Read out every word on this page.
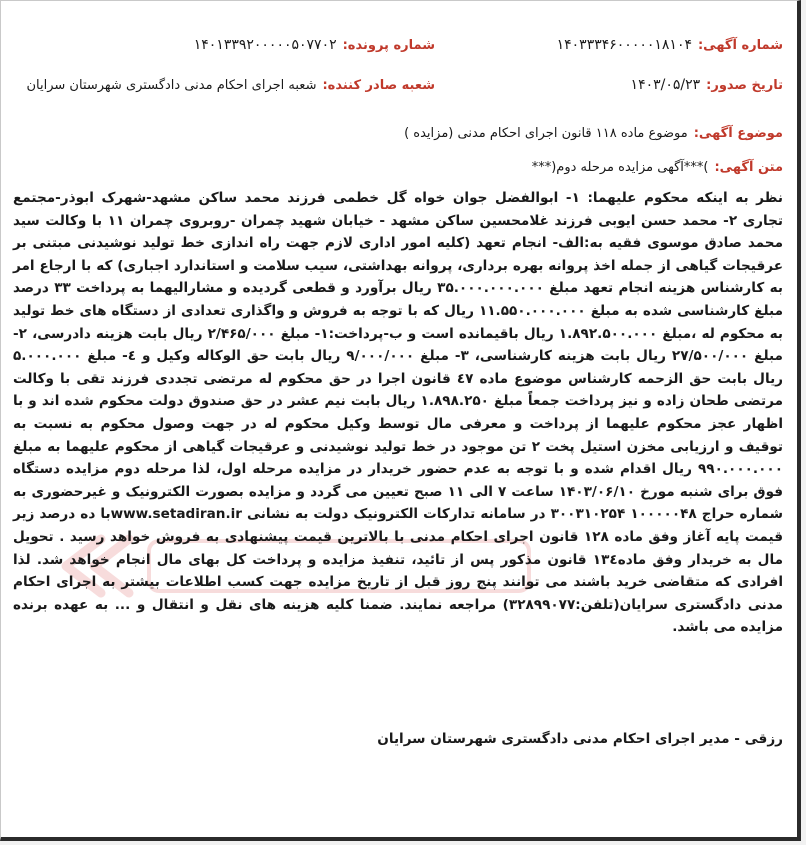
شماره آگهی:
۱۴۰۳۳۳۴۶۰۰۰۰۰۱۸۱۰۴
شماره پرونده:
۱۴۰۱۳۳۹۲۰۰۰۰۰۵۰۷۷۰۲
تاریخ صدور:
۱۴۰۳/۰۵/۲۳
شعبه صادر کننده:
شعبه اجرای احکام مدنی دادگستری شهرستان سرایان
موضوع آگهی:
موضوع ماده ۱۱۸ قانون اجرای احکام مدنی (مزایده )
متن آگهی:
)***آگهی مزایده مرحله دوم(***

نظر به اینکه محکوم علیهما: ۱- ابوالفضل جوان خواه گل خطمی فرزند محمد ساکن مشهد-شهرک ابوذر-مجتمع تجاری ۲- محمد حسن ایوبی فرزند غلامحسین ساکن مشهد - خیابان شهید چمران -روبروی چمران ۱۱ با وکالت سید محمد صادق موسوی فقیه به:الف- انجام تعهد (کلیه امور اداری لازم جهت راه اندازی خط تولید نوشیدنی مبتنی بر عرقیجات گیاهی از جمله اخذ پروانه بهره برداری، پروانه بهداشتی، سیب سلامت و استاندارد اجباری) که با ارجاع امر به کارشناس هزینه انجام تعهد مبلغ ۳۵.۰۰۰.۰۰۰.۰۰۰ ریال برآورد و قطعی گردیده و مشارالیهما به پرداخت ۳۳ درصد مبلغ کارشناسی شده به مبلغ ۱۱.۵۵۰.۰۰۰.۰۰۰ ریال که با توجه به فروش و واگذاری تعدادی از دستگاه های خط تولید به محکوم له ،مبلغ ۱.۸۹۲.۵۰۰.۰۰۰ ریال باقیمانده است و ب-پرداخت:۱- مبلغ ۲/۴۶۵/۰۰۰ ریال بابت هزینه دادرسی، ۲-مبلغ ۲۷/۵۰۰/۰۰۰ ریال بابت هزینه کارشناسی، ۳- مبلغ ۹/۰۰۰/۰۰۰ ریال بابت حق الوکاله وکیل و ٤- مبلغ ۵.۰۰۰.۰۰۰ ریال بابت حق الزحمه کارشناس موضوع ماده ٤۷ قانون اجرا در حق محکوم له مرتضی تجددی فرزند تقی با وکالت مرتضی طحان زاده و نیز پرداخت جمعاً مبلغ ۱.۸۹۸.۲۵۰ ریال بابت نیم عشر در حق صندوق دولت محکوم شده اند و با اظهار عجز محکوم علیهما از پرداخت و معرفی مال توسط وکیل محکوم له در جهت وصول محکوم به نسبت به توقیف و ارزیابی مخزن استیل پخت ۲ تن موجود در خط تولید نوشیدنی و عرقیجات گیاهی از محکوم علیهما به مبلغ ۹۹۰.۰۰۰.۰۰۰ ریال اقدام شده و با توجه به عدم حضور خریدار در مزایده مرحله اول، لذا مرحله دوم مزایده دستگاه فوق برای شنبه مورخ ۱۴۰۳/۰۶/۱۰ ساعت ۷ الی ۱۱ صبح تعیین می گردد و مزایده بصورت الکترونیک و غیرحضوری به شماره حراج ۱۰۰۰۰۰۴۸ ۳۰۰۳۱۰۲۵۴ در سامانه تدارکات الکترونیک دولت به نشانی www.setadiran.irبا ده درصد زیر قیمت پایه آغاز وفق ماده ۱۲۸ قانون اجرای احکام مدنی با بالاترین قیمت پیشنهادی به فروش خواهد رسید . تحویل مال به خریدار وفق ماده۱۳٤ قانون مذکور پس از تائید، تنفیذ مزایده و پرداخت کل بهای مال انجام خواهد شد. لذا افرادی که متقاضی خرید باشند می توانند پنج روز قبل از تاریخ مزایده جهت کسب اطلاعات بیشتر به اجرای احکام مدنی دادگستری سرایان(تلفن:۳۲۸۹۹۰۷۷) مراجعه نمایند. ضمنا کلیه هزینه های نقل و انتقال و ... به عهده برنده مزایده می باشد.

رزقی - مدیر اجرای احکام مدنی دادگستری شهرستان سرایان
